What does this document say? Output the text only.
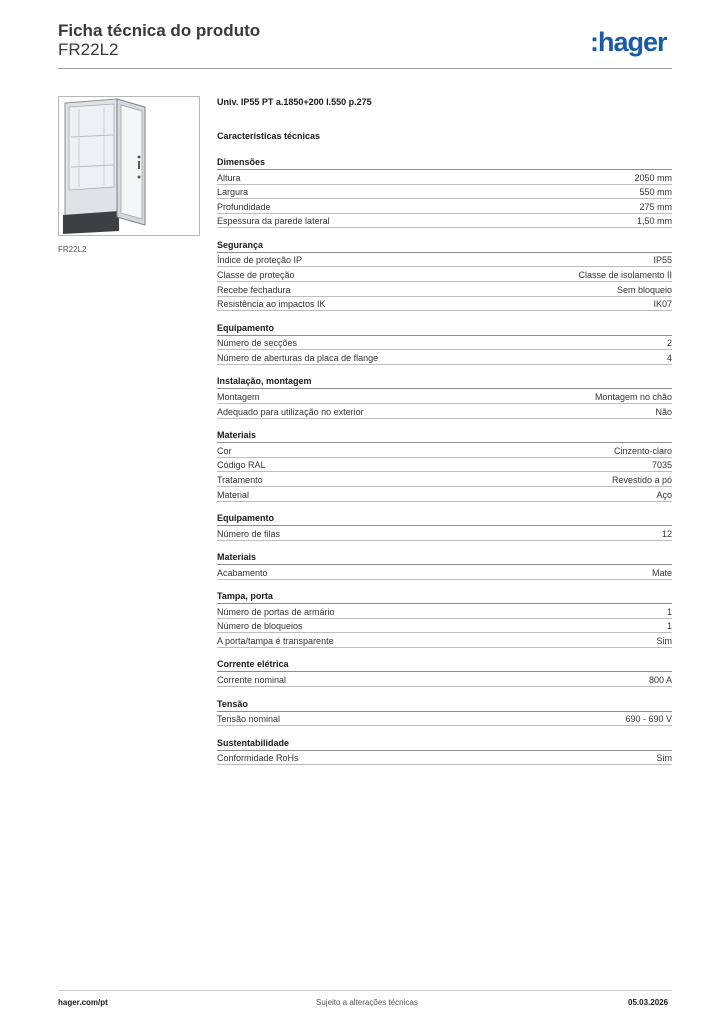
Ficha técnica do produto
FR22L2	:hager
FR22L2
Univ. IP55 PT a.1850+200 l.550 p.275
Características técnicas
Dimensões
Altura	2050 mm
Largura	550 mm
Profundidade	275 mm
Espessura da parede lateral	1,50 mm
Segurança
Índice de proteção IP	IP55
Classe de proteção	Classe de isolamento II
Recebe fechadura	Sem bloqueio
Resistência ao impactos IK	IK07
Equipamento
Número de secções	2
Número de aberturas da placa de flange	4
Instalação, montagem
Montagem	Montagem no chão
Adequado para utilização no exterior	Não
Materiais
Cor	Cinzento-claro
Código RAL	7035
Tratamento	Revestido a pó
Material	Aço
Equipamento
Número de filas	12
Materiais
Acabamento	Mate
Tampa, porta
Número de portas de armário	1
Número de bloqueios	1
A porta/tampa é transparente	Sim
Corrente elétrica
Corrente nominal	800 A
Tensão
Tensão nominal	690 - 690 V
Sustentabilidade
Conformidade RoHs	Sim
hager.com/pt	Sujeito a alterações técnicas	05.03.2026
